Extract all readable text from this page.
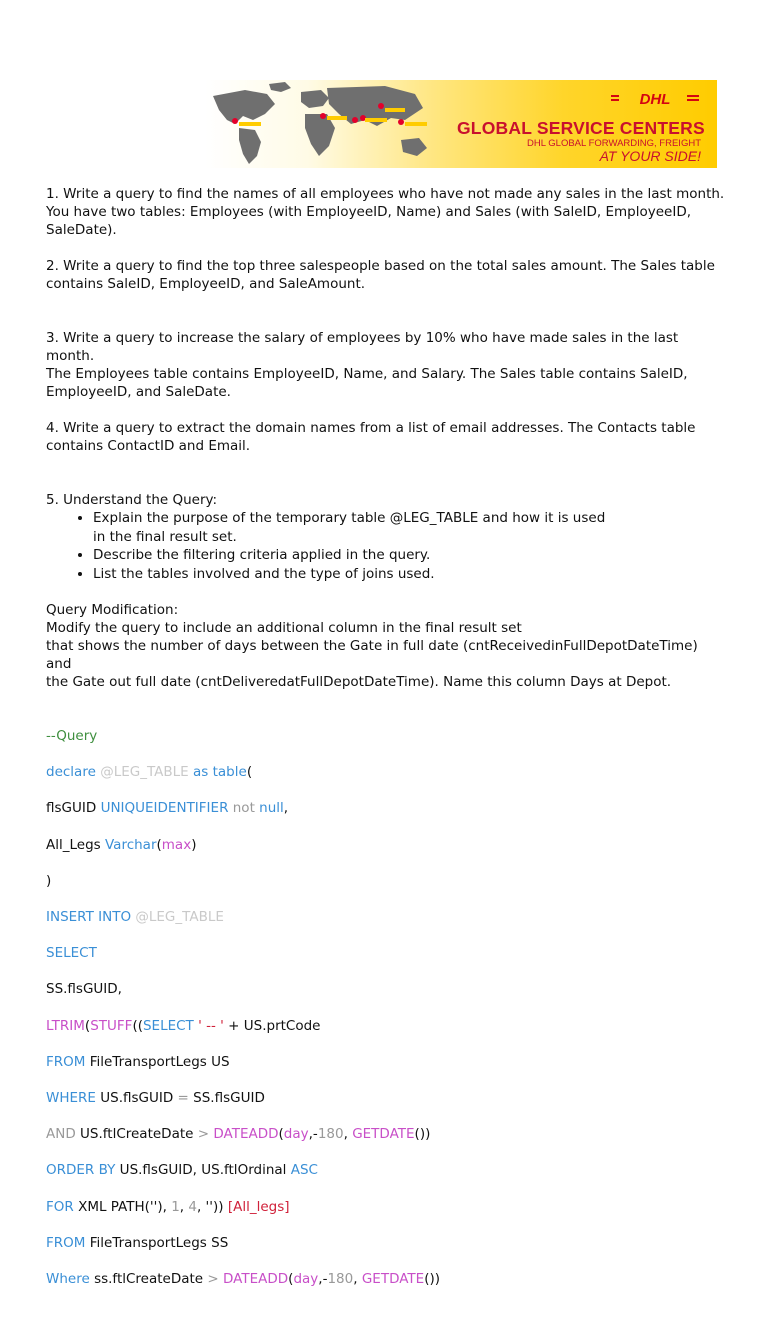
DHL
GLOBAL SERVICE CENTERS
DHL GLOBAL FORWARDING, FREIGHT
AT YOUR SIDE!
1. Write a query to find the names of all employees who have not made any sales in the last month.
You have two tables: Employees (with EmployeeID, Name) and Sales (with SaleID, EmployeeID,
SaleDate).
2. Write a query to find the top three salespeople based on the total sales amount. The Sales table
contains SaleID, EmployeeID, and SaleAmount.
3. Write a query to increase the salary of employees by 10% who have made sales in the last month.
The Employees table contains EmployeeID, Name, and Salary. The Sales table contains SaleID,
EmployeeID, and SaleDate.
4. Write a query to extract the domain names from a list of email addresses. The Contacts table
contains ContactID and Email.
5. Understand the Query:
• Explain the purpose of the temporary table @LEG_TABLE and how it is used
in the final result set.
• Describe the filtering criteria applied in the query.
• List the tables involved and the type of joins used.
Query Modification:
Modify the query to include an additional column in the final result set
that shows the number of days between the Gate in full date (cntReceivedinFullDepotDateTime) and
the Gate out full date (cntDeliveredatFullDepotDateTime). Name this column Days at Depot.

--Query

declare @LEG_TABLE as table(

flsGUID UNIQUEIDENTIFIER not null,

All_Legs Varchar(max)

)

INSERT INTO @LEG_TABLE

SELECT

SS.flsGUID,

LTRIM(STUFF((SELECT ' -- ' + US.prtCode

FROM FileTransportLegs US

WHERE US.flsGUID = SS.flsGUID

AND US.ftlCreateDate > DATEADD(day,-180, GETDATE())

ORDER BY US.flsGUID, US.ftlOrdinal ASC

FOR XML PATH(''), 1, 4, '')) [All_legs]

FROM FileTransportLegs SS

Where ss.ftlCreateDate > DATEADD(day,-180, GETDATE())
